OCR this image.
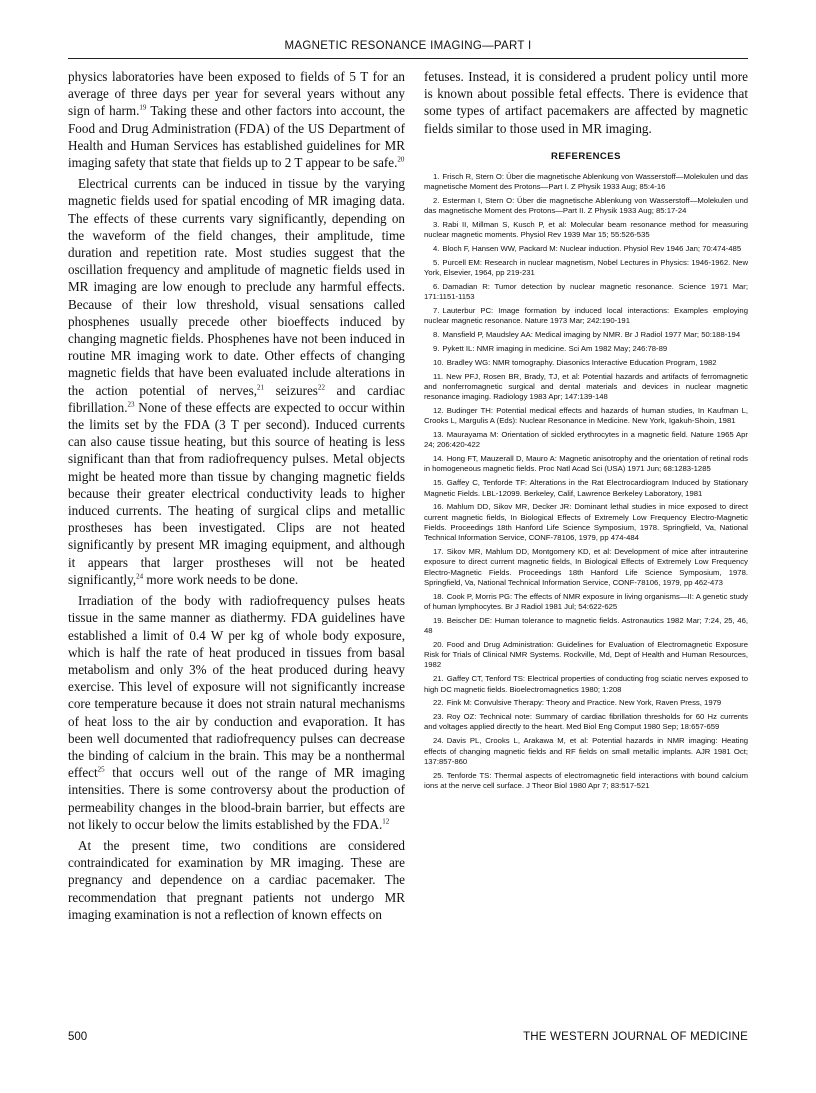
MAGNETIC RESONANCE IMAGING—PART I

physics laboratories have been exposed to fields of 5 T for an average of three days per year for several years without any sign of harm.$^{19}$ Taking these and other factors into account, the Food and Drug Administration (FDA) of the US Department of Health and Human Services has established guidelines for MR imaging safety that state that fields up to 2 T appear to be safe.$^{20}$

Electrical currents can be induced in tissue by the varying magnetic fields used for spatial encoding of MR imaging data. The effects of these currents vary significantly, depending on the waveform of the field changes, their amplitude, time duration and repetition rate. Most studies suggest that the oscillation frequency and amplitude of magnetic fields used in MR imaging are low enough to preclude any harmful effects. Because of their low threshold, visual sensations called phosphenes usually precede other bioeffects induced by changing magnetic fields. Phosphenes have not been induced in routine MR imaging work to date. Other effects of changing magnetic fields that have been evaluated include alterations in the action potential of nerves,$^{21}$ seizures$^{22}$ and cardiac fibrillation.$^{23}$ None of these effects are expected to occur within the limits set by the FDA (3 T per second). Induced currents can also cause tissue heating, but this source of heating is less significant than that from radiofrequency pulses. Metal objects might be heated more than tissue by changing magnetic fields because their greater electrical conductivity leads to higher induced currents. The heating of surgical clips and metallic prostheses has been investigated. Clips are not heated significantly by present MR imaging equipment, and although it appears that larger prostheses will not be heated significantly,$^{24}$ more work needs to be done.

Irradiation of the body with radiofrequency pulses heats tissue in the same manner as diathermy. FDA guidelines have established a limit of 0.4 W per kg of whole body exposure, which is half the rate of heat produced in tissues from basal metabolism and only 3% of the heat produced during heavy exercise. This level of exposure will not significantly increase core temperature because it does not strain natural mechanisms of heat loss to the air by conduction and evaporation. It has been well documented that radiofrequency pulses can decrease the binding of calcium in the brain. This may be a nonthermal effect$^{25}$ that occurs well out of the range of MR imaging intensities. There is some controversy about the production of permeability changes in the blood-brain barrier, but effects are not likely to occur below the limits established by the FDA.$^{12}$

At the present time, two conditions are considered contraindicated for examination by MR imaging. These are pregnancy and dependence on a cardiac pacemaker. The recommendation that pregnant patients not undergo MR imaging examination is not a reflection of known effects on

fetuses. Instead, it is considered a prudent policy until more is known about possible fetal effects. There is evidence that some types of artifact pacemakers are affected by magnetic fields similar to those used in MR imaging.

REFERENCES
1. Frisch R, Stern O: Über die magnetische Ablenkung von Wasserstoff—Molekulen und das magnetische Moment des Protons—Part I. Z Physik 1933 Aug; 85:4-16
2. Esterman I, Stern O: Über die magnetische Ablenkung von Wasserstoff—Molekulen und das magnetische Moment des Protons—Part II. Z Physik 1933 Aug; 85:17-24
3. Rabi II, Millman S, Kusch P, et al: Molecular beam resonance method for measuring nuclear magnetic moments. Physiol Rev 1939 Mar 15; 55:526-535
4. Bloch F, Hansen WW, Packard M: Nuclear induction. Physiol Rev 1946 Jan; 70:474-485
5. Purcell EM: Research in nuclear magnetism, Nobel Lectures in Physics: 1946-1962. New York, Elsevier, 1964, pp 219-231
6. Damadian R: Tumor detection by nuclear magnetic resonance. Science 1971 Mar; 171:1151-1153
7. Lauterbur PC: Image formation by induced local interactions: Examples employing nuclear magnetic resonance. Nature 1973 Mar; 242:190-191
8. Mansfield P, Maudsley AA: Medical imaging by NMR. Br J Radiol 1977 Mar; 50:188-194
9. Pykett IL: NMR imaging in medicine. Sci Am 1982 May; 246:78-89
10. Bradley WG: NMR tomography. Diasonics Interactive Education Program, 1982
11. New PFJ, Rosen BR, Brady, TJ, et al: Potential hazards and artifacts of ferromagnetic and nonferromagnetic surgical and dental materials and devices in nuclear magnetic resonance imaging. Radiology 1983 Apr; 147:139-148
12. Budinger TH: Potential medical effects and hazards of human studies, In Kaufman L, Crooks L, Margulis A (Eds): Nuclear Resonance in Medicine. New York, Igakuh-Shoin, 1981
13. Maurayama M: Orientation of sickled erythrocytes in a magnetic field. Nature 1965 Apr 24; 206:420-422
14. Hong FT, Mauzerall D, Mauro A: Magnetic anisotrophy and the orientation of retinal rods in homogeneous magnetic fields. Proc Natl Acad Sci (USA) 1971 Jun; 68:1283-1285
15. Gaffey C, Tenforde TF: Alterations in the Rat Electrocardiogram Induced by Stationary Magnetic Fields. LBL-12099. Berkeley, Calif, Lawrence Berkeley Laboratory, 1981
16. Mahlum DD, Sikov MR, Decker JR: Dominant lethal studies in mice exposed to direct current magnetic fields, In Biological Effects of Extremely Low Frequency Electro-Magnetic Fields. Proceedings 18th Hanford Life Science Symposium, 1978. Springfield, Va, National Technical Information Service, CONF-78106, 1979, pp 474-484
17. Sikov MR, Mahlum DD, Montgomery KD, et al: Development of mice after intrauterine exposure to direct current magnetic fields, In Biological Effects of Extremely Low Frequency Electro-Magnetic Fields. Proceedings 18th Hanford Life Science Symposium, 1978. Springfield, Va, National Technical Information Service, CONF-78106, 1979, pp 462-473
18. Cook P, Morris PG: The effects of NMR exposure in living organisms—II: A genetic study of human lymphocytes. Br J Radiol 1981 Jul; 54:622-625
19. Beischer DE: Human tolerance to magnetic fields. Astronautics 1982 Mar; 7:24, 25, 46, 48
20. Food and Drug Administration: Guidelines for Evaluation of Electromagnetic Exposure Risk for Trials of Clinical NMR Systems. Rockville, Md, Dept of Health and Human Resources, 1982
21. Gaffey CT, Tenford TS: Electrical properties of conducting frog sciatic nerves exposed to high DC magnetic fields. Bioelectromagnetics 1980; 1:208
22. Fink M: Convulsive Therapy: Theory and Practice. New York, Raven Press, 1979
23. Roy OZ: Technical note: Summary of cardiac fibrillation thresholds for 60 Hz currents and voltages applied directly to the heart. Med Biol Eng Comput 1980 Sep; 18:657-659
24. Davis PL, Crooks L, Arakawa M, et al: Potential hazards in NMR imaging: Heating effects of changing magnetic fields and RF fields on small metallic implants. AJR 1981 Oct; 137:857-860
25. Tenforde TS: Thermal aspects of electromagnetic field interactions with bound calcium ions at the nerve cell surface. J Theor Biol 1980 Apr 7; 83:517-521
500	THE WESTERN JOURNAL OF MEDICINE
